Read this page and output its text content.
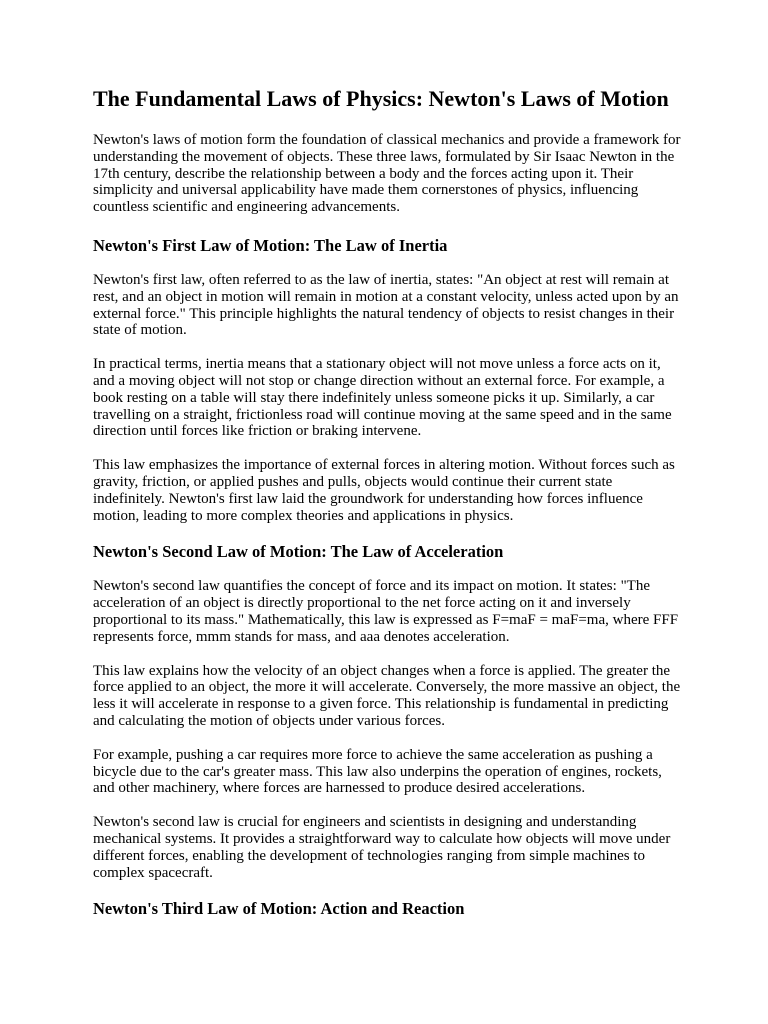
The Fundamental Laws of Physics: Newton's Laws of Motion

Newton's laws of motion form the foundation of classical mechanics and provide a framework for understanding the movement of objects. These three laws, formulated by Sir Isaac Newton in the 17th century, describe the relationship between a body and the forces acting upon it. Their simplicity and universal applicability have made them cornerstones of physics, influencing countless scientific and engineering advancements.

Newton's First Law of Motion: The Law of Inertia

Newton's first law, often referred to as the law of inertia, states: "An object at rest will remain at rest, and an object in motion will remain in motion at a constant velocity, unless acted upon by an external force." This principle highlights the natural tendency of objects to resist changes in their state of motion.

In practical terms, inertia means that a stationary object will not move unless a force acts on it, and a moving object will not stop or change direction without an external force. For example, a book resting on a table will stay there indefinitely unless someone picks it up. Similarly, a car travelling on a straight, frictionless road will continue moving at the same speed and in the same direction until forces like friction or braking intervene.

This law emphasizes the importance of external forces in altering motion. Without forces such as gravity, friction, or applied pushes and pulls, objects would continue their current state indefinitely. Newton's first law laid the groundwork for understanding how forces influence motion, leading to more complex theories and applications in physics.

Newton's Second Law of Motion: The Law of Acceleration

Newton's second law quantifies the concept of force and its impact on motion. It states: "The acceleration of an object is directly proportional to the net force acting on it and inversely proportional to its mass." Mathematically, this law is expressed as F=maF = maF=ma, where FFF represents force, mmm stands for mass, and aaa denotes acceleration.

This law explains how the velocity of an object changes when a force is applied. The greater the force applied to an object, the more it will accelerate. Conversely, the more massive an object, the less it will accelerate in response to a given force. This relationship is fundamental in predicting and calculating the motion of objects under various forces.

For example, pushing a car requires more force to achieve the same acceleration as pushing a bicycle due to the car's greater mass. This law also underpins the operation of engines, rockets, and other machinery, where forces are harnessed to produce desired accelerations.

Newton's second law is crucial for engineers and scientists in designing and understanding mechanical systems. It provides a straightforward way to calculate how objects will move under different forces, enabling the development of technologies ranging from simple machines to complex spacecraft.

Newton's Third Law of Motion: Action and Reaction
